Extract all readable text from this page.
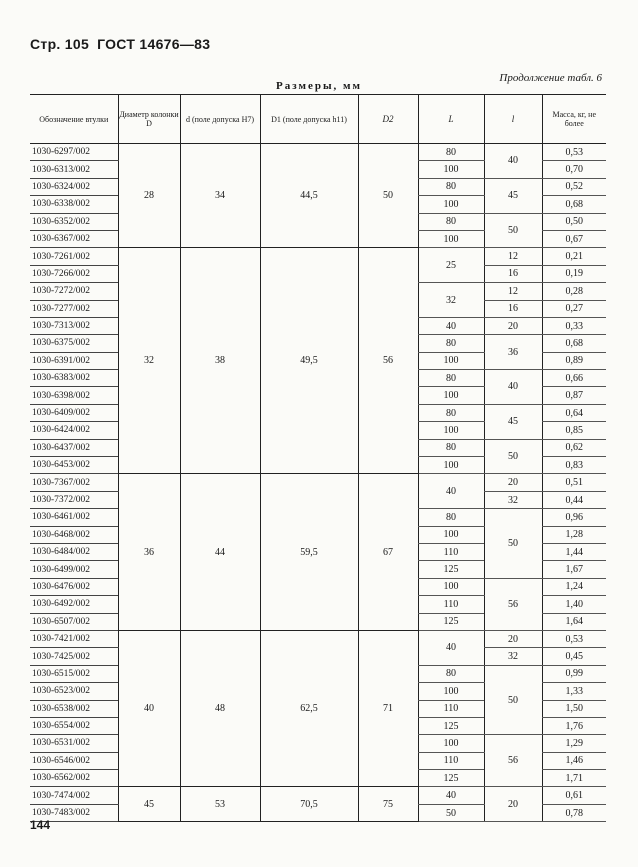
Стр. 105 ГОСТ 14676—83
Размеры, мм
Продолжение табл. 6
Обозначение втулки	Диаметр колонки D	d (поле допуска H7)	D1 (поле допуска h11)	D2	L	l	Масса, кг, не более
1030-6297/002	28	34	44,5	50	80	40	0,53
1030-6313/002					100		0,70
1030-6324/002					80	45	0,52
1030-6338/002					100		0,68
1030-6352/002					80	50	0,50
1030-6367/002					100		0,67
1030-7261/002	32	38	49,5	56	25	12	0,21
1030-7266/002						16	0,19
1030-7272/002					32	12	0,28
1030-7277/002						16	0,27
1030-7313/002					40	20	0,33
1030-6375/002					80	36	0,68
1030-6391/002					100		0,89
1030-6383/002					80	40	0,66
1030-6398/002					100		0,87
1030-6409/002					80	45	0,64
1030-6424/002					100		0,85
1030-6437/002					80	50	0,62
1030-6453/002					100		0,83
1030-7367/002	36	44	59,5	67	40	20	0,51
1030-7372/002						32	0,44
1030-6461/002					80	50	0,96
1030-6468/002					100		1,28
1030-6484/002					110		1,44
1030-6499/002					125		1,67
1030-6476/002					100	56	1,24
1030-6492/002					110		1,40
1030-6507/002					125		1,64
1030-7421/002	40	48	62,5	71	40	20	0,53
1030-7425/002						32	0,45
1030-6515/002					80	50	0,99
1030-6523/002					100		1,33
1030-6538/002					110		1,50
1030-6554/002					125		1,76
1030-6531/002					100	56	1,29
1030-6546/002					110		1,46
1030-6562/002					125		1,71
1030-7474/002	45	53	70,5	75	40	20	0,61
1030-7483/002					50		0,78
144
